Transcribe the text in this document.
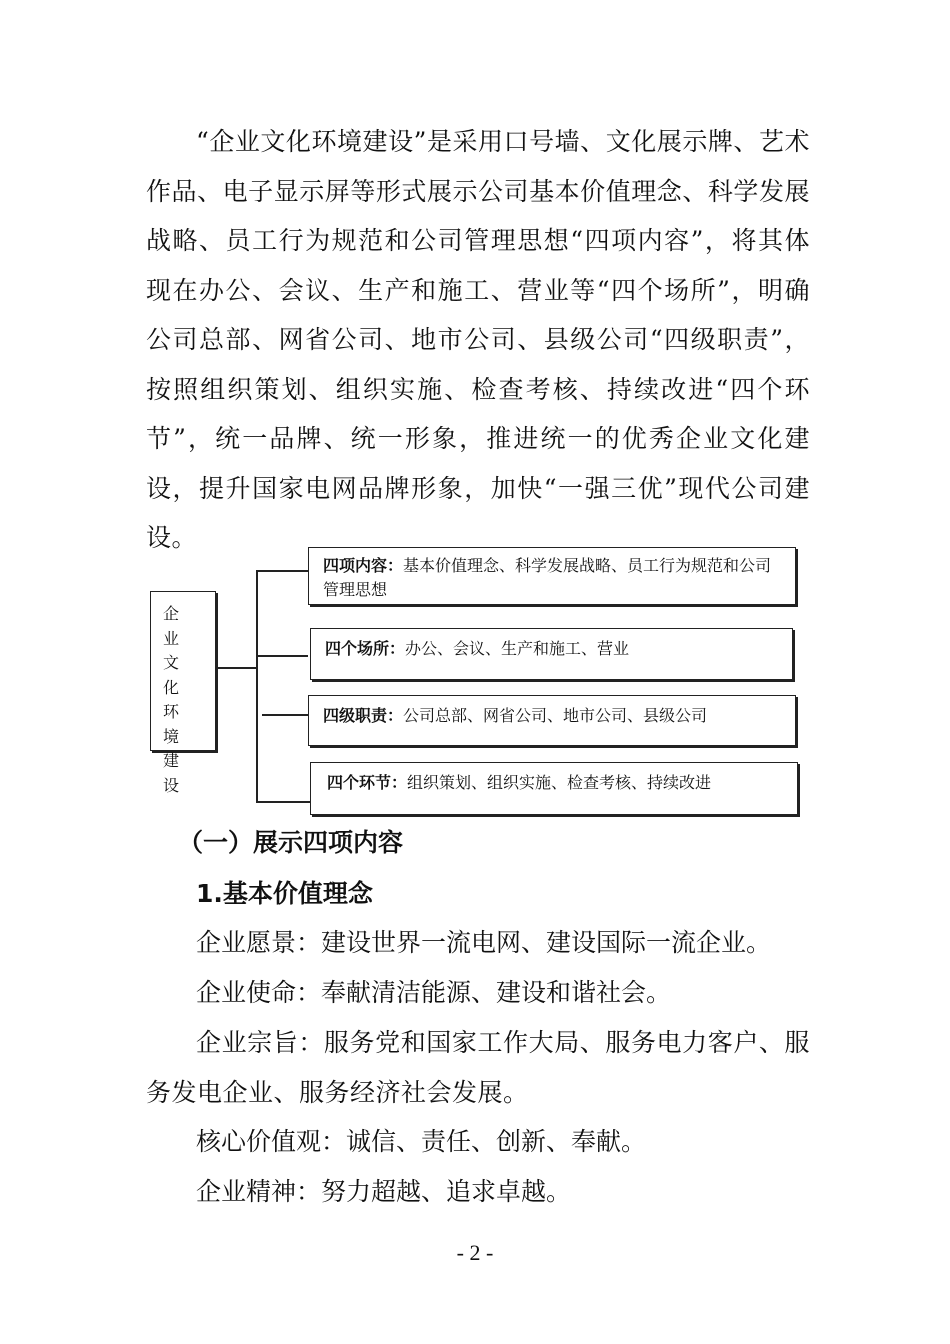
“企业文化环境建设”是采用口号墙、文化展示牌、艺术作品、电子显示屏等形式展示公司基本价值理念、科学发展战略、员工行为规范和公司管理思想“四项内容”，将其体现在办公、会议、生产和施工、营业等“四个场所”，明确公司总部、网省公司、地市公司、县级公司“四级职责”，按照组织策划、组织实施、检查考核、持续改进“四个环节”，统一品牌、统一形象，推进统一的优秀企业文化建设，提升国家电网品牌形象，加快“一强三优”现代公司建设。

企业文化环境建设
四项内容：基本价值理念、科学发展战略、员工行为规范和公司管理思想
四个场所：办公、会议、生产和施工、营业
四级职责：公司总部、网省公司、地市公司、县级公司
四个环节：组织策划、组织实施、检查考核、持续改进
（一）展示四项内容
1.基本价值理念

企业愿景：建设世界一流电网、建设国际一流企业。

企业使命：奉献清洁能源、建设和谐社会。

企业宗旨：服务党和国家工作大局、服务电力客户、服务发电企业、服务经济社会发展。

核心价值观：诚信、责任、创新、奉献。

企业精神：努力超越、追求卓越。

- 2 -
